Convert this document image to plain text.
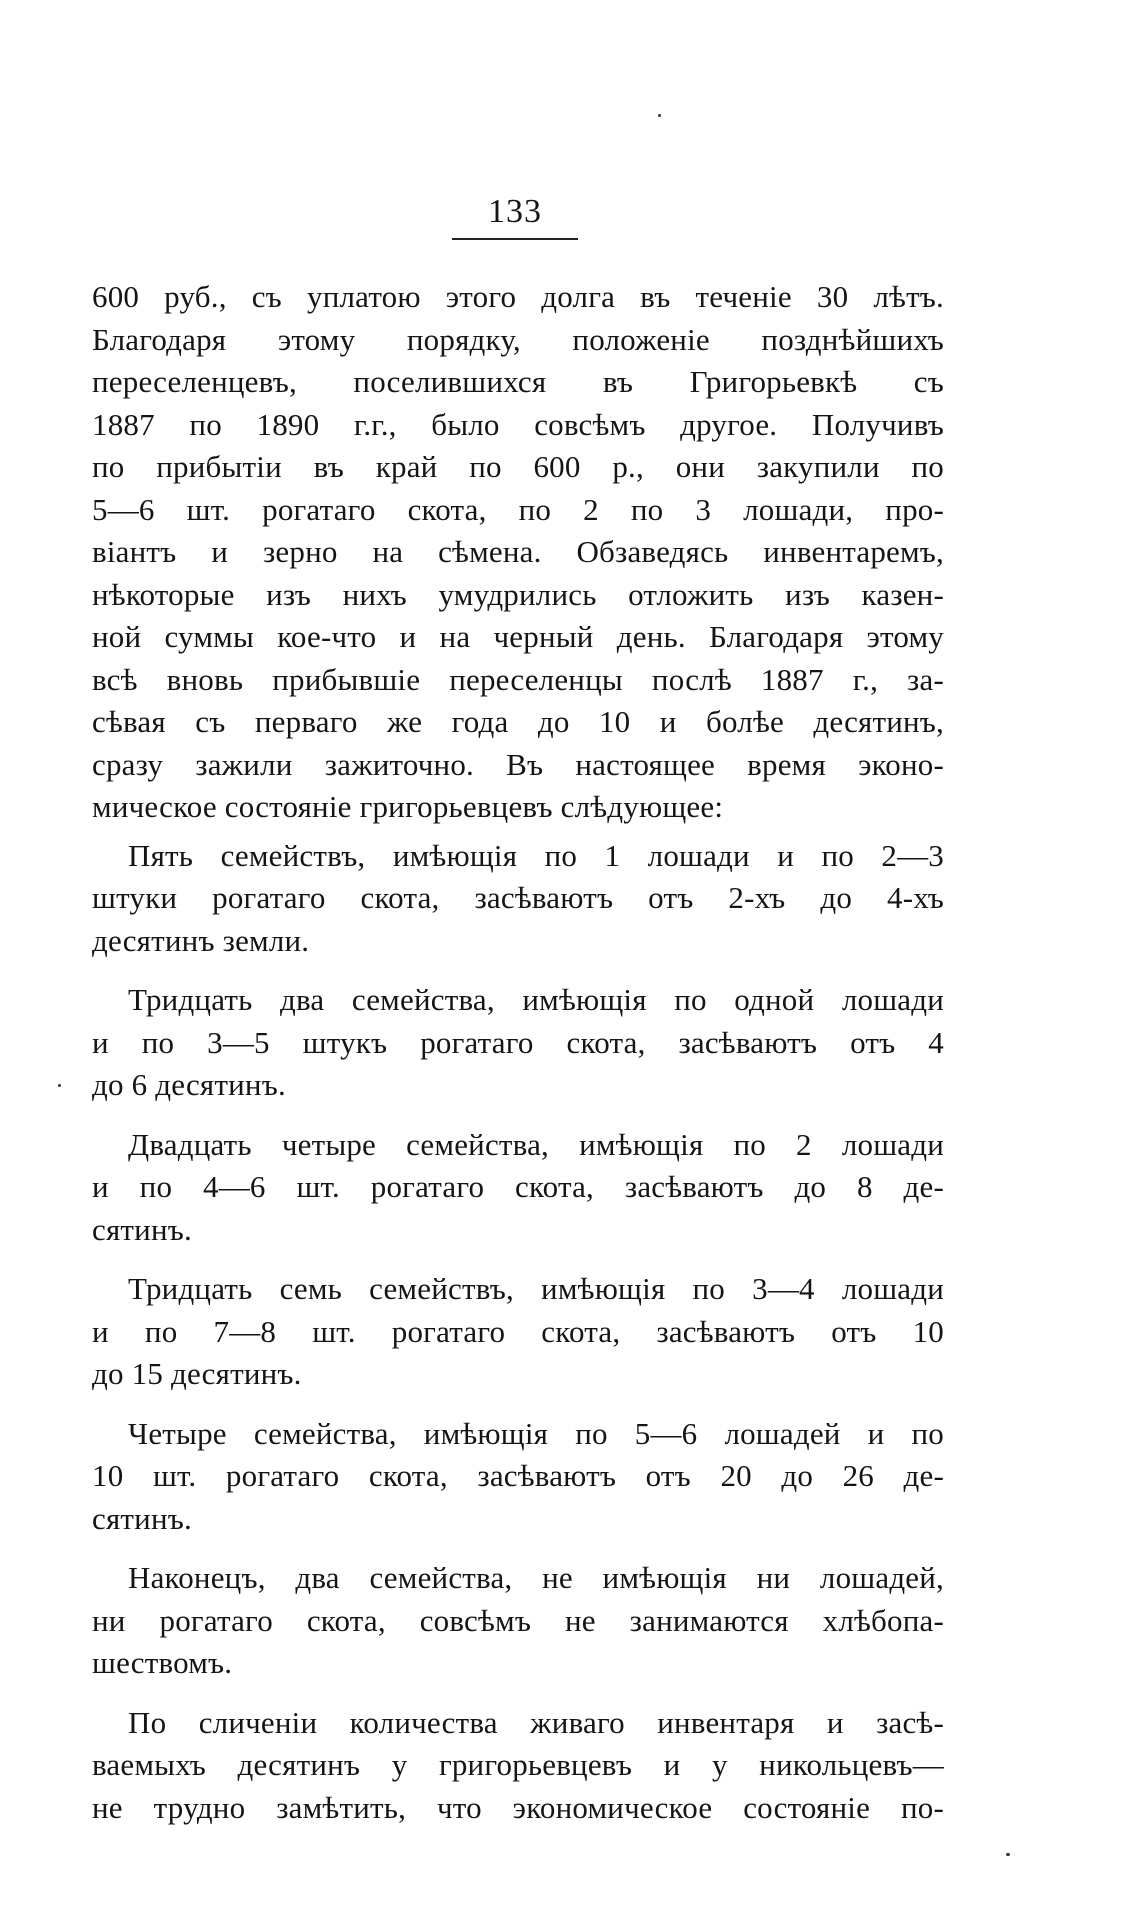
133
600 руб., съ уплатою этого долга въ теченіе 30 лѣтъ.
Благодаря этому порядку, положеніе позднѣйшихъ
переселенцевъ, поселившихся въ Григорьевкѣ съ
1887 по 1890 г.г., было совсѣмъ другое. Получивъ
по прибытіи въ край по 600 р., они закупили по
5—6 шт. рогатаго скота, по 2 по 3 лошади, про-
віантъ и зерно на сѣмена. Обзаведясь инвентаремъ,
нѣкоторые изъ нихъ умудрились отложить изъ казен-
ной суммы кое-что и на черный день. Благодаря этому
всѣ вновь прибывшіе переселенцы послѣ 1887 г., за-
сѣвая съ перваго же года до 10 и болѣе десятинъ,
сразу зажили зажиточно. Въ настоящее время эконо-
мическое состояніе григорьевцевъ слѣдующее:
Пять семействъ, имѣющія по 1 лошади и по 2—3
штуки рогатаго скота, засѣваютъ отъ 2-хъ до 4-хъ
десятинъ земли.
Тридцать два семейства, имѣющія по одной лошади
и по 3—5 штукъ рогатаго скота, засѣваютъ отъ 4
до 6 десятинъ.
Двадцать четыре семейства, имѣющія по 2 лошади
и по 4—6 шт. рогатаго скота, засѣваютъ до 8 де-
сятинъ.
Тридцать семь семействъ, имѣющія по 3—4 лошади
и по 7—8 шт. рогатаго скота, засѣваютъ отъ 10
до 15 десятинъ.
Четыре семейства, имѣющія по 5—6 лошадей и по
10 шт. рогатаго скота, засѣваютъ отъ 20 до 26 де-
сятинъ.
Наконецъ, два семейства, не имѣющія ни лошадей,
ни рогатаго скота, совсѣмъ не занимаются хлѣбопа-
шествомъ.
По сличеніи количества живаго инвентаря и засѣ-
ваемыхъ десятинъ у григорьевцевъ и у никольцевъ—
не трудно замѣтить, что экономическое состояніе по-
